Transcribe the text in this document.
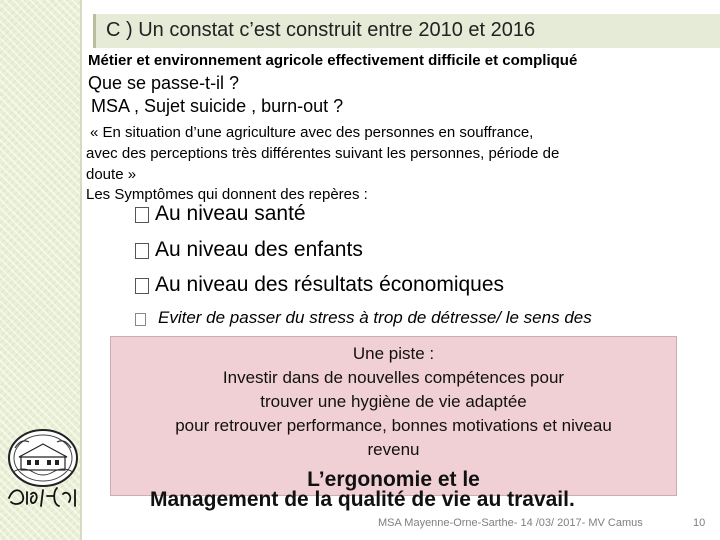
C ) Un constat c’est construit entre 2010 et 2016
Métier et environnement agricole effectivement difficile et compliqué
Que se passe-t-il ?
MSA , Sujet suicide , burn-out ?
« En situation d’une agriculture avec des personnes en souffrance,
avec des perceptions très différentes suivant les personnes, période de
doute »
Les Symptômes qui donnent des repères :
Au niveau santé
Au niveau des enfants
Au niveau des résultats économiques
Eviter de passer du stress à trop de détresse/ le sens des
Une piste :
Investir dans de nouvelles compétences pour
trouver une hygiène de vie adaptée
pour retrouver performance, bonnes motivations et niveau
revenu
L’ergonomie et le
Management de la qualité de vie au travail.
MSA Mayenne-Orne-Sarthe- 14 /03/ 2017- MV Camus	10
